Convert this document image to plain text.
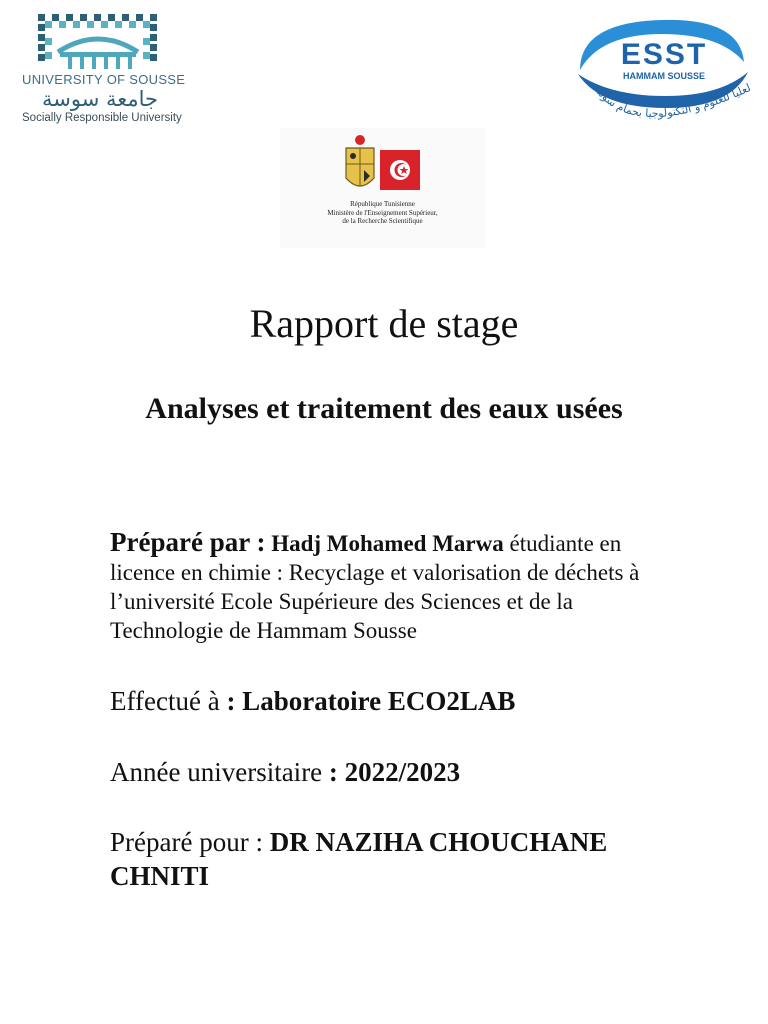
UNIVERSITY OF SOUSSE
جامعة سوسة
Socially Responsible University
ESST
HAMMAM SOUSSE
لعليا للعلوم و التكنولوجيا بحمام سوسة
République Tunisienne
Ministère de l'Enseignement Supérieur,
de la Recherche Scientifique
Rapport de stage
Analyses et traitement des eaux usées
Préparé par : Hadj Mohamed Marwa étudiante en licence en chimie : Recyclage et valorisation de déchets à l’université Ecole Supérieure des Sciences et de la Technologie de Hammam Sousse
Effectué à : Laboratoire ECO2LAB
Année universitaire : 2022/2023
Préparé pour : DR NAZIHA CHOUCHANE CHNITI
